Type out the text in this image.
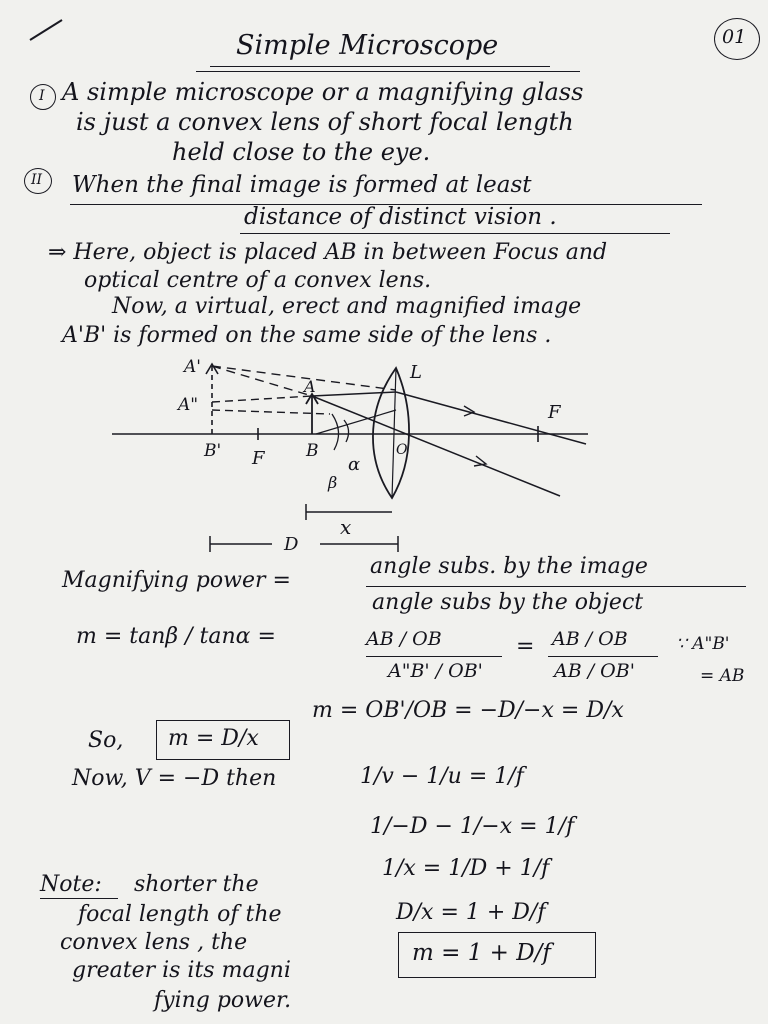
01
Simple Microscope
I A simple microscope or a magnifying glass
is just a convex lens of short focal length
held close to the eye.
II When the final image is formed at least
distance of distinct vision .
⇒ Here, object is placed AB in between Focus and
optical centre of a convex lens.
Now, a virtual, erect and magnified image
A'B' is formed on the same side of the lens .
A'
A"
B' F
A
B
L
O
F
α
β
x
D
Magnifying power =
angle subs. by the image
angle subs by the object
m = tanβ / tanα =	AB / OB
A"B' / OB'
= AB / OB
AB / OB'
∵ A"B'
= AB
m = OB'/OB = −D/−x = D/x
So, m = D/x
Now, V = −D then	1/v − 1/u = 1/f
1/−D − 1/−x = 1/f
1/x = 1/D + 1/f
D/x = 1 + D/f
m = 1 + D/f
Note: shorter the
focal length of the
convex lens , the
greater is its magni
fying power.
